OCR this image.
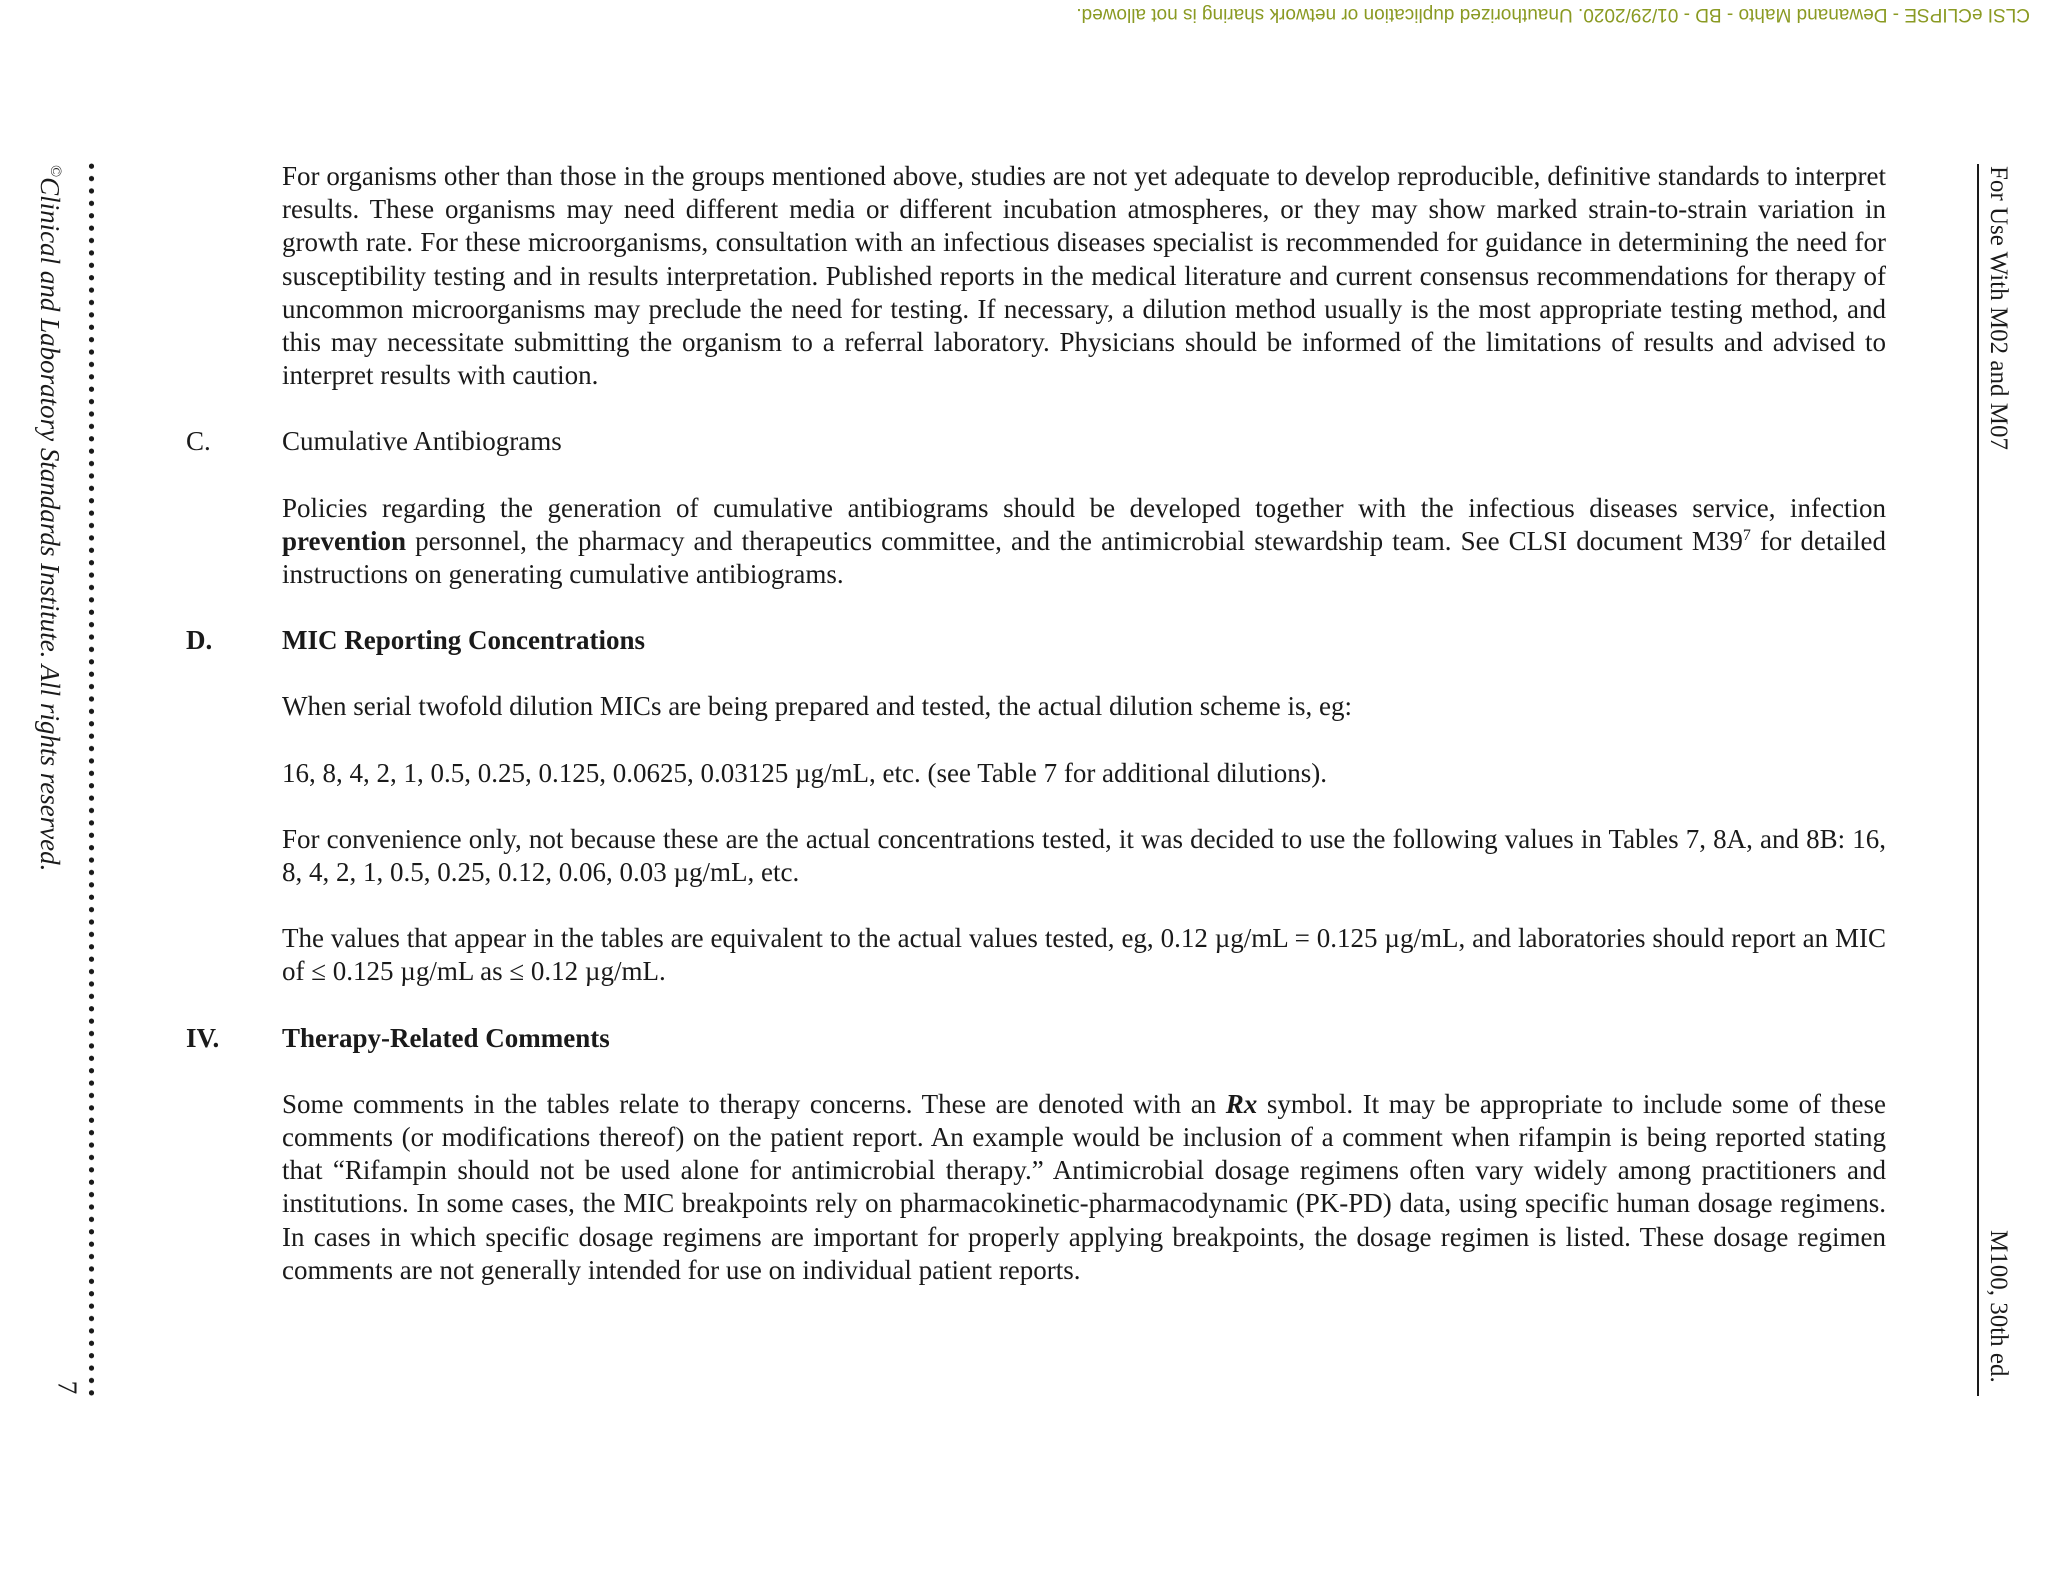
CLSI eCLIPSE - Dewanand Mahto - BD - 01/29/2020. Unauthorized duplication or network sharing is not allowed.
©Clinical and Laboratory Standards Institute. All rights reserved.
7
For Use With M02 and M07
M100, 30th ed.
For organisms other than those in the groups mentioned above, studies are not yet adequate to develop reproducible, definitive standards to interpret results. These organisms may need different media or different incubation atmospheres, or they may show marked strain-to-strain variation in growth rate. For these microorganisms, consultation with an infectious diseases specialist is recommended for guidance in determining the need for susceptibility testing and in results interpretation. Published reports in the medical literature and current consensus recommendations for therapy of uncommon microorganisms may preclude the need for testing. If necessary, a dilution method usually is the most appropriate testing method, and this may necessitate submitting the organism to a referral laboratory. Physicians should be informed of the limitations of results and advised to interpret results with caution.
C.	Cumulative Antibiograms
Policies regarding the generation of cumulative antibiograms should be developed together with the infectious diseases service, infection prevention personnel, the pharmacy and therapeutics committee, and the antimicrobial stewardship team. See CLSI document $M39^7$ for detailed instructions on generating cumulative antibiograms.
D.	MIC Reporting Concentrations
When serial twofold dilution MICs are being prepared and tested, the actual dilution scheme is, eg:
16, 8, 4, 2, 1, 0.5, 0.25, 0.125, 0.0625, 0.03125 µg/mL, etc. (see Table 7 for additional dilutions).
For convenience only, not because these are the actual concentrations tested, it was decided to use the following values in Tables 7, 8A, and 8B: 16, 8, 4, 2, 1, 0.5, 0.25, 0.12, 0.06, 0.03 µg/mL, etc.
The values that appear in the tables are equivalent to the actual values tested, eg, 0.12 µg/mL = 0.125 µg/mL, and laboratories should report an MIC of ≤ 0.125 µg/mL as ≤ 0.12 µg/mL.
IV.	Therapy-Related Comments
Some comments in the tables relate to therapy concerns. These are denoted with an Rx symbol. It may be appropriate to include some of these comments (or modifications thereof) on the patient report. An example would be inclusion of a comment when rifampin is being reported stating that “Rifampin should not be used alone for antimicrobial therapy.” Antimicrobial dosage regimens often vary widely among practitioners and institutions. In some cases, the MIC breakpoints rely on pharmacokinetic-pharmacodynamic (PK-PD) data, using specific human dosage regimens. In cases in which specific dosage regimens are important for properly applying breakpoints, the dosage regimen is listed. These dosage regimen comments are not generally intended for use on individual patient reports.
